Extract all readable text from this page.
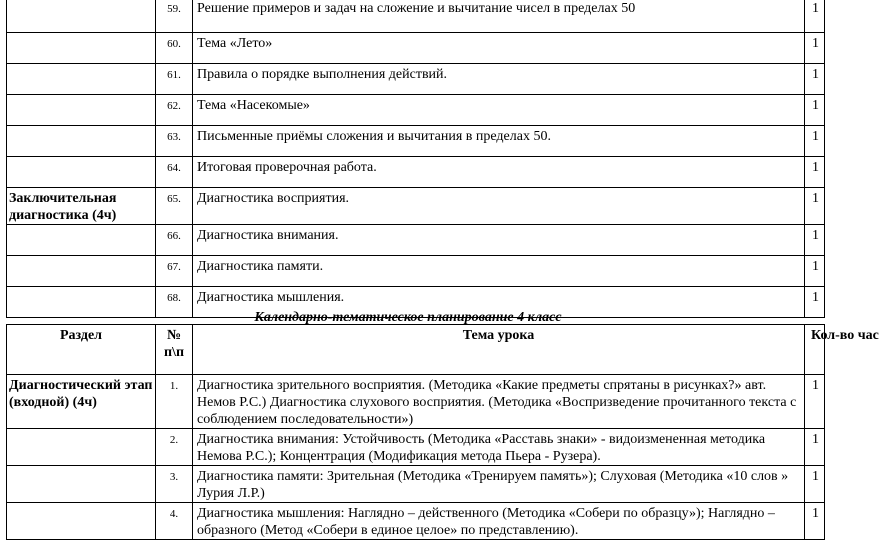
	59.	Решение примеров и задач на сложение и вычитание чисел в пределах 50	1
	60.	Тема «Лето»	1
	61.	Правила о порядке выполнения действий.	1
	62.	Тема «Насекомые»	1
	63.	Письменные приёмы сложения и вычитания в пределах 50.	1
	64.	Итоговая проверочная работа.	1
Заключительная диагностика (4ч)	65.	Диагностика восприятия.	1
	66.	Диагностика внимания.	1
	67.	Диагностика памяти.	1
	68.	Диагностика мышления.	1
Календарно-тематическое планирование 4 класс
Раздел	№ п\п	Тема урока	Кол-во час
Диагностический этап (входной) (4ч)	1.	Диагностика зрительного восприятия. (Методика «Какие предметы спрятаны в рисунках?» авт. Немов Р.С.) Диагностика слухового восприятия. (Методика «Воспризведение прочитанного текста с соблюдением последовательности»)	1
	2.	Диагностика внимания: Устойчивость (Методика «Расставь знаки» - видоизмененная методика Немова Р.С.); Концентрация (Модификация метода Пьера - Рузера).	1
	3.	Диагностика памяти: Зрительная (Методика «Тренируем память»); Слуховая (Методика «10 слов » Лурия Л.Р.)	1
	4.	Диагностика мышления: Наглядно – действенного (Методика «Собери по образцу»); Наглядно – образного (Метод «Собери в единое целое» по представлению).	1
